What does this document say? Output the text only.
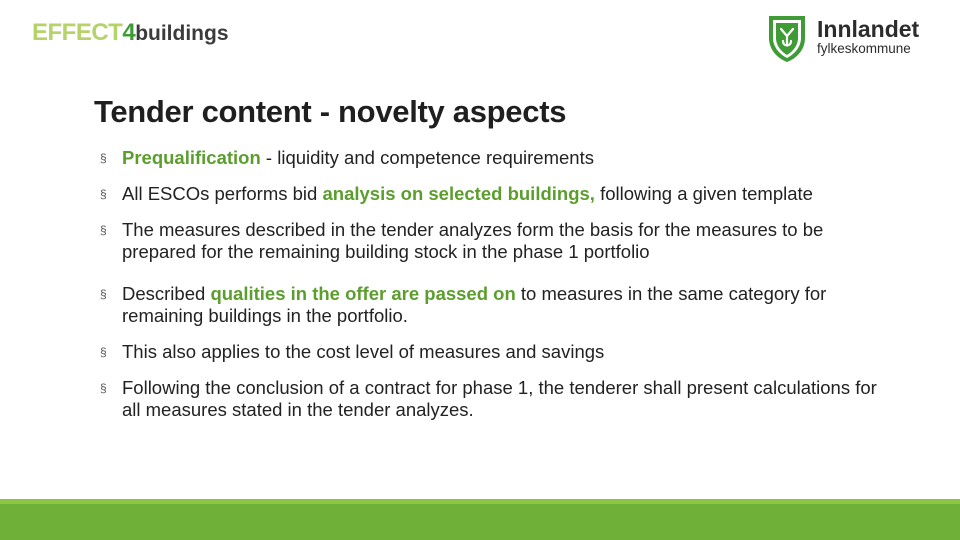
EFFECT4buildings	Innlandet
fylkeskommune
Tender content - novelty aspects
§ Prequalification - liquidity and competence requirements
§ All ESCOs performs bid analysis on selected buildings, following a given template
§ The measures described in the tender analyzes form the basis for the measures to be prepared for the remaining building stock in the phase 1 portfolio
§ Described qualities in the offer are passed on to measures in the same category for remaining buildings in the portfolio.
§ This also applies to the cost level of measures and savings
§ Following the conclusion of a contract for phase 1, the tenderer shall present calculations for all measures stated in the tender analyzes.
